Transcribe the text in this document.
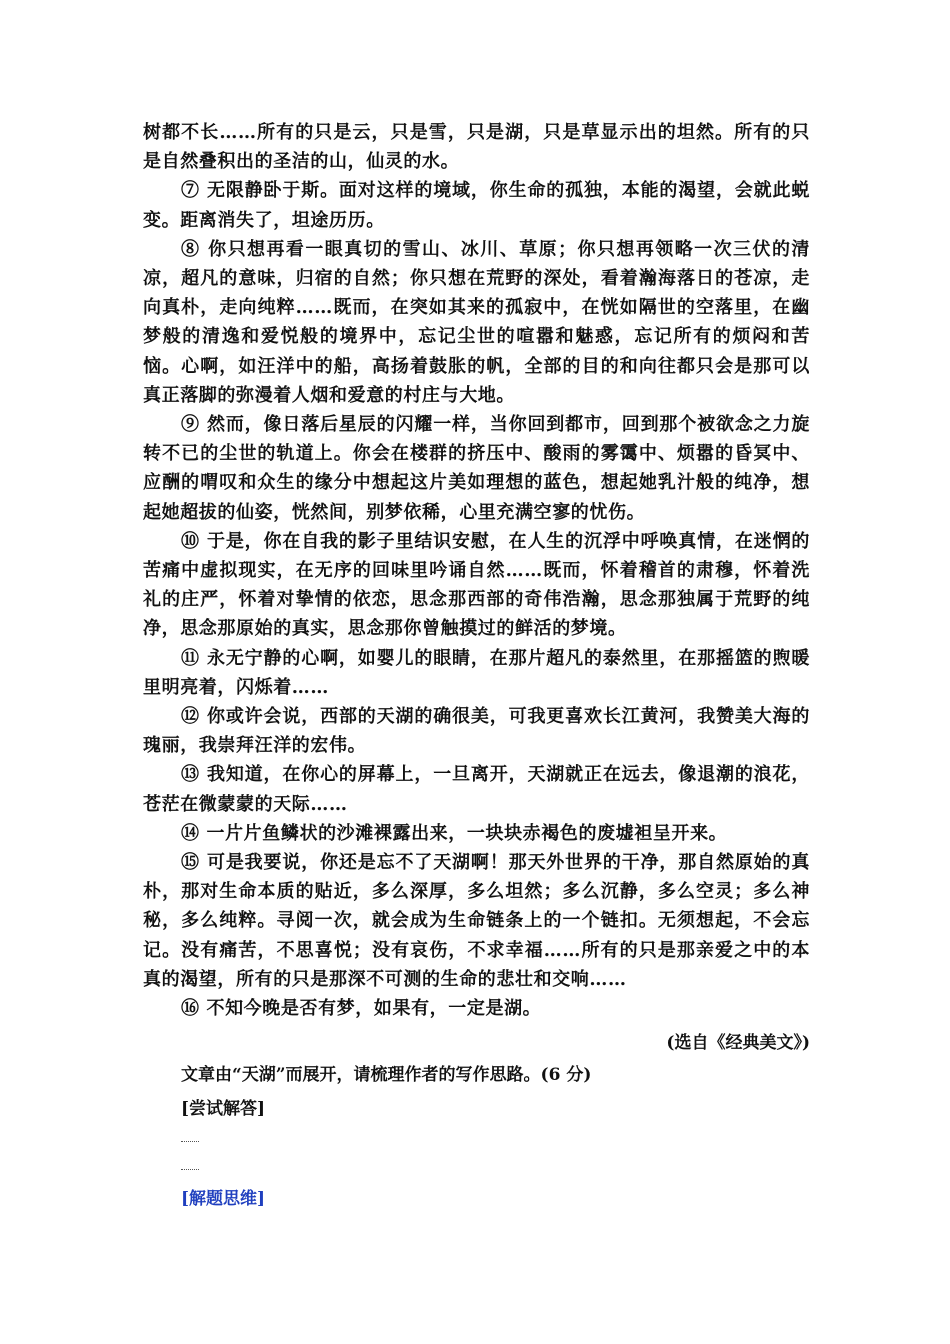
树都不长……所有的只是云，只是雪，只是湖，只是草显示出的坦然。所有的只是自然叠积出的圣洁的山，仙灵的水。

⑦ 无限静卧于斯。面对这样的境域，你生命的孤独，本能的渴望，会就此蜕变。距离消失了，坦途历历。

⑧ 你只想再看一眼真切的雪山、冰川、草原；你只想再领略一次三伏的清凉，超凡的意味，归宿的自然；你只想在荒野的深处，看着瀚海落日的苍凉，走向真朴，走向纯粹……既而，在突如其来的孤寂中，在恍如隔世的空落里，在幽梦般的清逸和爱悦般的境界中，忘记尘世的喧嚣和魅惑，忘记所有的烦闷和苦恼。心啊，如汪洋中的船，高扬着鼓胀的帆，全部的目的和向往都只会是那可以真正落脚的弥漫着人烟和爱意的村庄与大地。

⑨ 然而，像日落后星辰的闪耀一样，当你回到都市，回到那个被欲念之力旋转不已的尘世的轨道上。你会在楼群的挤压中、酸雨的雾霭中、烦嚣的昏冥中、应酬的喟叹和众生的缘分中想起这片美如理想的蓝色，想起她乳汁般的纯净，想起她超拔的仙姿，恍然间，别梦依稀，心里充满空寥的忧伤。

⑩ 于是，你在自我的影子里结识安慰，在人生的沉浮中呼唤真情，在迷惘的苦痛中虚拟现实，在无序的回味里吟诵自然……既而，怀着稽首的肃穆，怀着洗礼的庄严，怀着对挚情的依恋，思念那西部的奇伟浩瀚，思念那独属于荒野的纯净，思念那原始的真实，思念那你曾触摸过的鲜活的梦境。

⑪ 永无宁静的心啊，如婴儿的眼睛，在那片超凡的泰然里，在那摇篮的煦暖里明亮着，闪烁着……

⑫ 你或许会说，西部的天湖的确很美，可我更喜欢长江黄河，我赞美大海的瑰丽，我崇拜汪洋的宏伟。

⑬ 我知道，在你心的屏幕上，一旦离开，天湖就正在远去，像退潮的浪花，苍茫在微蒙蒙的天际……

⑭ 一片片鱼鳞状的沙滩裸露出来，一块块赤褐色的废墟袒呈开来。

⑮ 可是我要说，你还是忘不了天湖啊！那天外世界的干净，那自然原始的真朴，那对生命本质的贴近，多么深厚，多么坦然；多么沉静，多么空灵；多么神秘，多么纯粹。寻阅一次，就会成为生命链条上的一个链扣。无须想起，不会忘记。没有痛苦，不思喜悦；没有哀伤，不求幸福……所有的只是那亲爱之中的本真的渴望，所有的只是那深不可测的生命的悲壮和交响……

⑯ 不知今晚是否有梦，如果有，一定是湖。

(选自《经典美文》)

文章由“天湖”而展开，请梳理作者的写作思路。(6 分)

[尝试解答]

[解题思维]
